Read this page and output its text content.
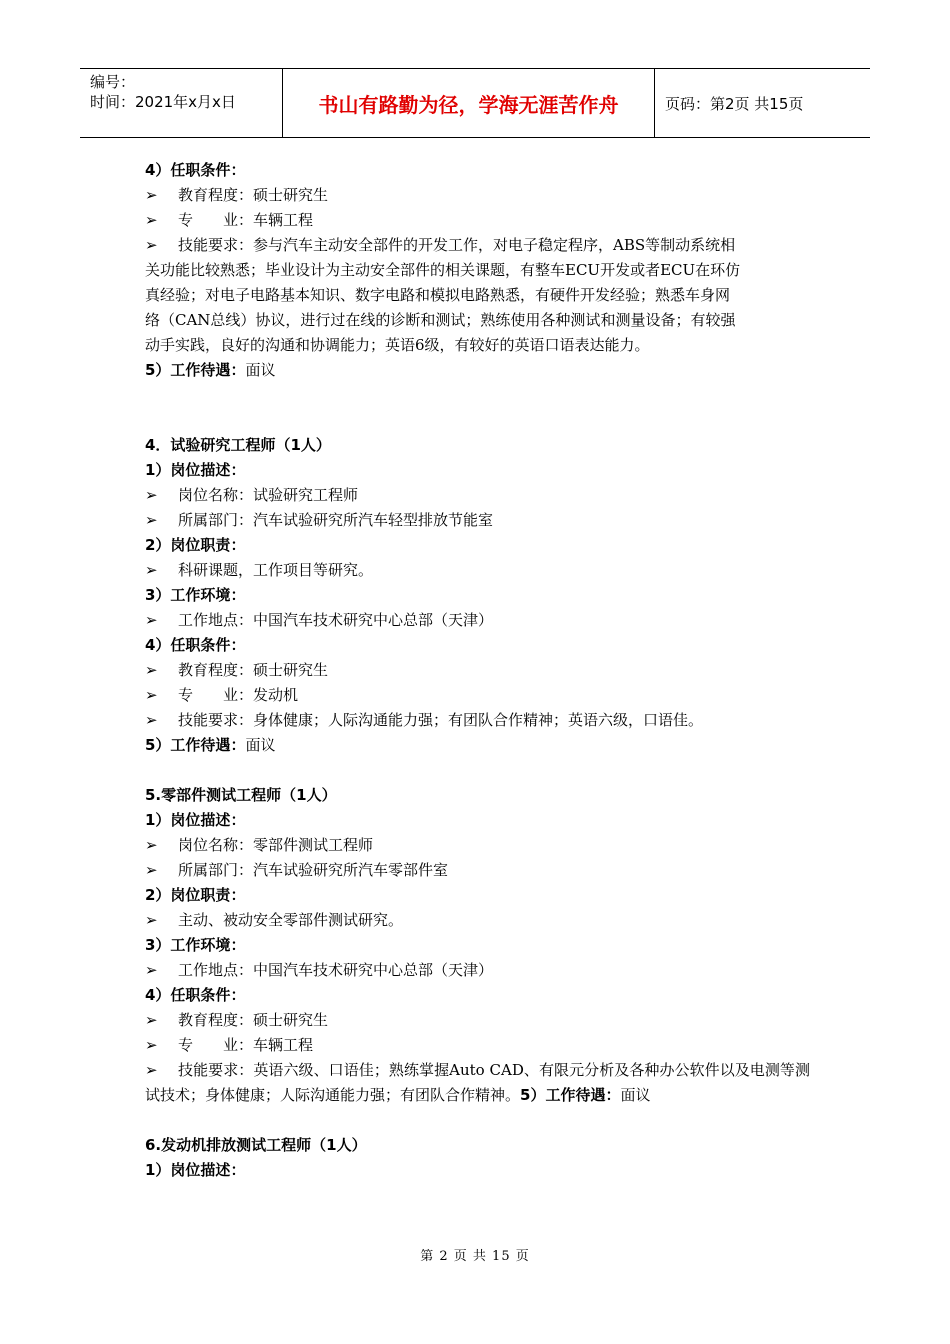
编号：
时间：2021年x月x日	书山有路勤为径，学海无涯苦作舟	页码：第2页 共15页
4）任职条件：
➢	教育程度：硕士研究生
➢	专　　业：车辆工程
➢	技能要求：参与汽车主动安全部件的开发工作，对电子稳定程序，ABS等制动系统相
关功能比较熟悉；毕业设计为主动安全部件的相关课题，有整车ECU开发或者ECU在环仿
真经验；对电子电路基本知识、数字电路和模拟电路熟悉，有硬件开发经验；熟悉车身网
络（CAN总线）协议，进行过在线的诊断和测试；熟练使用各种测试和测量设备；有较强
动手实践，良好的沟通和协调能力；英语6级，有较好的英语口语表达能力。
5）工作待遇：面议
4．试验研究工程师（1人）
1）岗位描述：
➢	岗位名称：试验研究工程师
➢	所属部门：汽车试验研究所汽车轻型排放节能室
2）岗位职责：
➢	科研课题，工作项目等研究。
3）工作环境：
➢	工作地点：中国汽车技术研究中心总部（天津）
4）任职条件：
➢	教育程度：硕士研究生
➢	专　　业：发动机
➢	技能要求：身体健康；人际沟通能力强；有团队合作精神；英语六级，口语佳。
5）工作待遇：面议
5.零部件测试工程师（1人）
1）岗位描述：
➢	岗位名称：零部件测试工程师
➢	所属部门：汽车试验研究所汽车零部件室
2）岗位职责：
➢	主动、被动安全零部件测试研究。
3）工作环境：
➢	工作地点：中国汽车技术研究中心总部（天津）
4）任职条件：
➢	教育程度：硕士研究生
➢	专　　业：车辆工程
➢ 技能要求：英语六级、口语佳；熟练掌握Auto CAD、有限元分析及各种办公软件以及电测等测试技术；身体健康；人际沟通能力强；有团队合作精神。5）工作待遇：面议
6.发动机排放测试工程师（1人）
1）岗位描述：
第 2 页 共 15 页
